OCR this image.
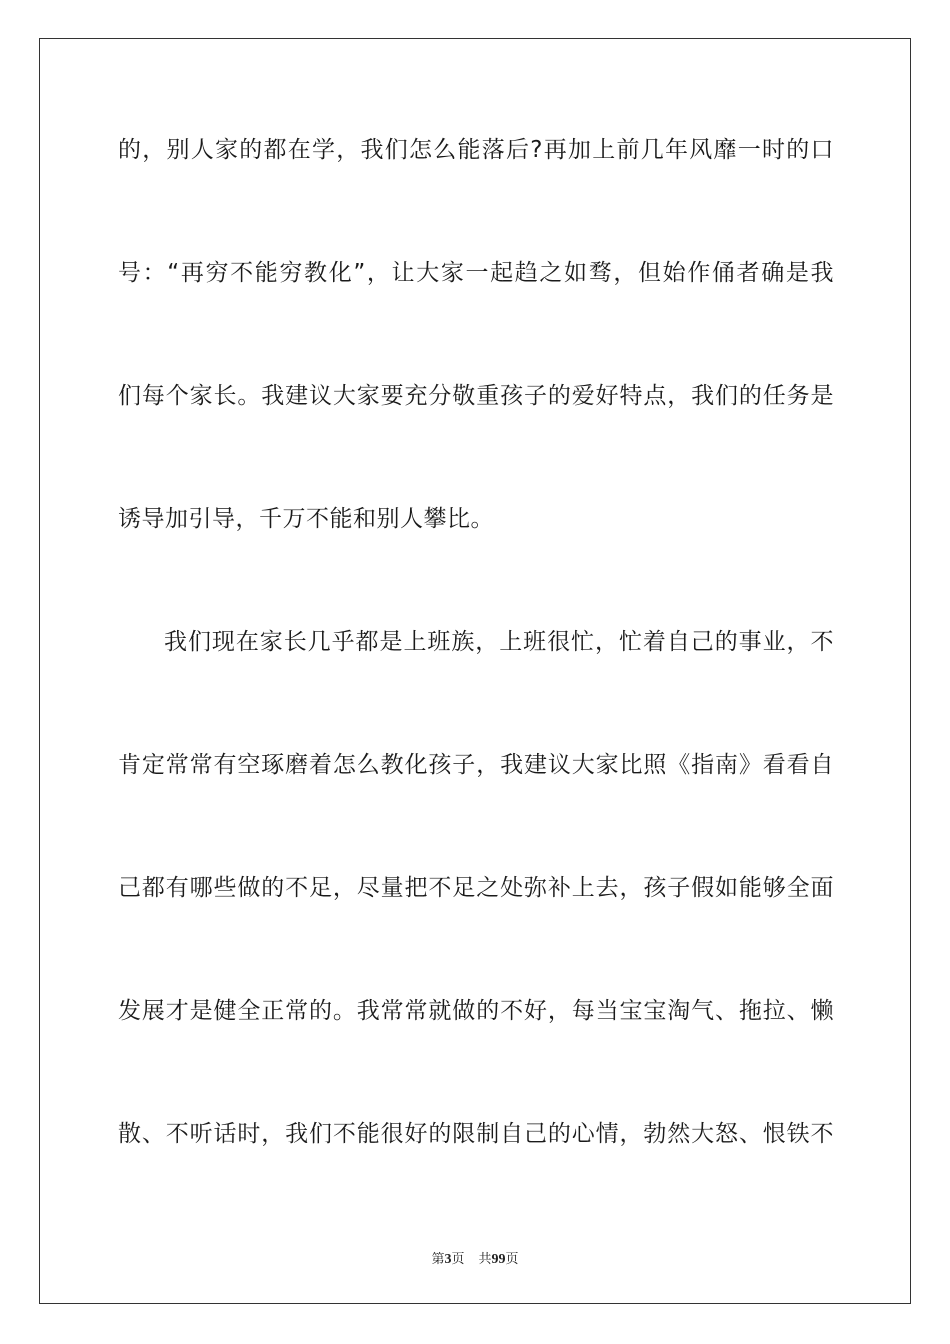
的，别人家的都在学，我们怎么能落后?再加上前几年风靡一时的口
号：“再穷不能穷教化”，让大家一起趋之如骛，但始作俑者确是我
们每个家长。我建议大家要充分敬重孩子的爱好特点，我们的任务是
诱导加引导，千万不能和别人攀比。
我们现在家长几乎都是上班族，上班很忙，忙着自己的事业，不
肯定常常有空琢磨着怎么教化孩子，我建议大家比照《指南》看看自
己都有哪些做的不足，尽量把不足之处弥补上去，孩子假如能够全面
发展才是健全正常的。我常常就做的不好，每当宝宝淘气、拖拉、懒
散、不听话时，我们不能很好的限制自己的心情，勃然大怒、恨铁不
第3页 共99页
